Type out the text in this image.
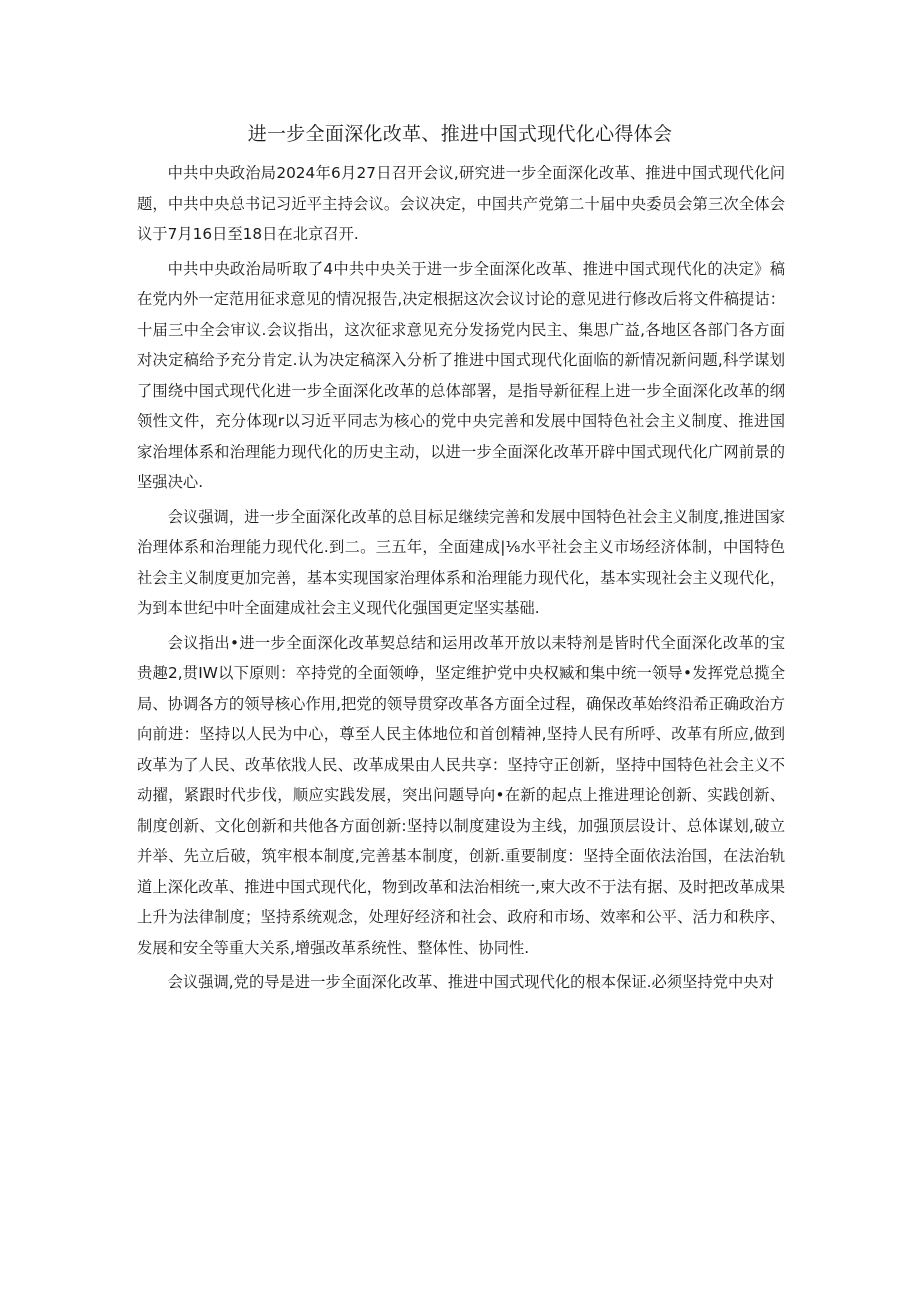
进一步全面深化改革、推进中国式现代化心得体会

中共中央政治局2024年6月27日召开会议,研究进一步全面深化改革、推进中国式现代化问题，中共中央总书记习近平主持会议。会议决定，中国共产党第二十届中央委员会第三次全体会议于7月16日至18日在北京召开.

中共中央政治局听取了4中共中央关于进一步全面深化改革、推进中国式现代化的决定》稿在党内外一定范用征求意见的情况报告,决定根据这次会议讨论的意见进行修改后将文件稿提诂：十届三中全会审议.会议指出，这次征求意见充分发扬党内民主、集思广益,各地区各部门各方面对决定稿给予充分肯定.认为决定稿深入分析了推进中国式现代化面临的新情况新问题,科学谋划了围绕中国式现代化进一步全面深化改革的总体部署，是指导新征程上进一步全面深化改革的纲领性文件，充分体现r以习近平同志为核心的党中央完善和发展中国特色社会主义制度、推进国家治埋体系和治理能力现代化的历史主动，以进一步全面深化改革开辟中国式现代化广网前景的坚强决心.

会议强调，进一步全面深化改革的总目标足继续完善和发展中国特色社会主义制度,推进国家治理体系和治理能力现代化.到二。三五年，全面建成|⅛水平社会主义市场经济体制，中国特色社会主义制度更加完善，基本实现国家治理体系和治理能力现代化，基本实现社会主义现代化，为到本世纪中叶全面建成社会主义现代化强国更定坚实基础.

会议指出•进一步全面深化改革契总结和运用改革开放以耒特剂是皆时代全面深化改革的宝贵趣2,贯IW以下原则：卒持党的全面领峥，坚定维护党中央权臧和集中统一领导•发挥党总揽全局、协调各方的领导核心作用,把党的领导贯穿改革各方面全过程，确保改革始终沿希正确政治方向前进：坚持以人民为中心，尊至人民主体地位和首创精神,坚持人民有所呼、改革有所应,做到改革为了人民、改革依戕人民、改革成果由人民共享：坚持守正创新，坚持中国特色社会主义不动擢，紧跟时代步伐，顺应实践发展，突出问题导向•在新的起点上推进理论创新、实践创新、制度创新、文化创新和共他各方面创新:坚持以制度建设为主线，加强顶层设计、总体谋划,破立并举、先立后破，筑牢根本制度,完善基本制度，创新.重要制度：坚持全面依法治国，在法治轨道上深化改革、推进中国式现代化，物到改革和法治相统一,柬大改不于法有据、及时把改革成果上升为法律制度；坚持系统观念，处理好经济和社会、政府和市场、效率和公平、活力和秩序、发展和安全等重大关系,增强改革系统性、整体性、协同性.

会议强调,党的导是进一步全面深化改革、推进中国式现代化的根本保证.必须坚持党中央对
